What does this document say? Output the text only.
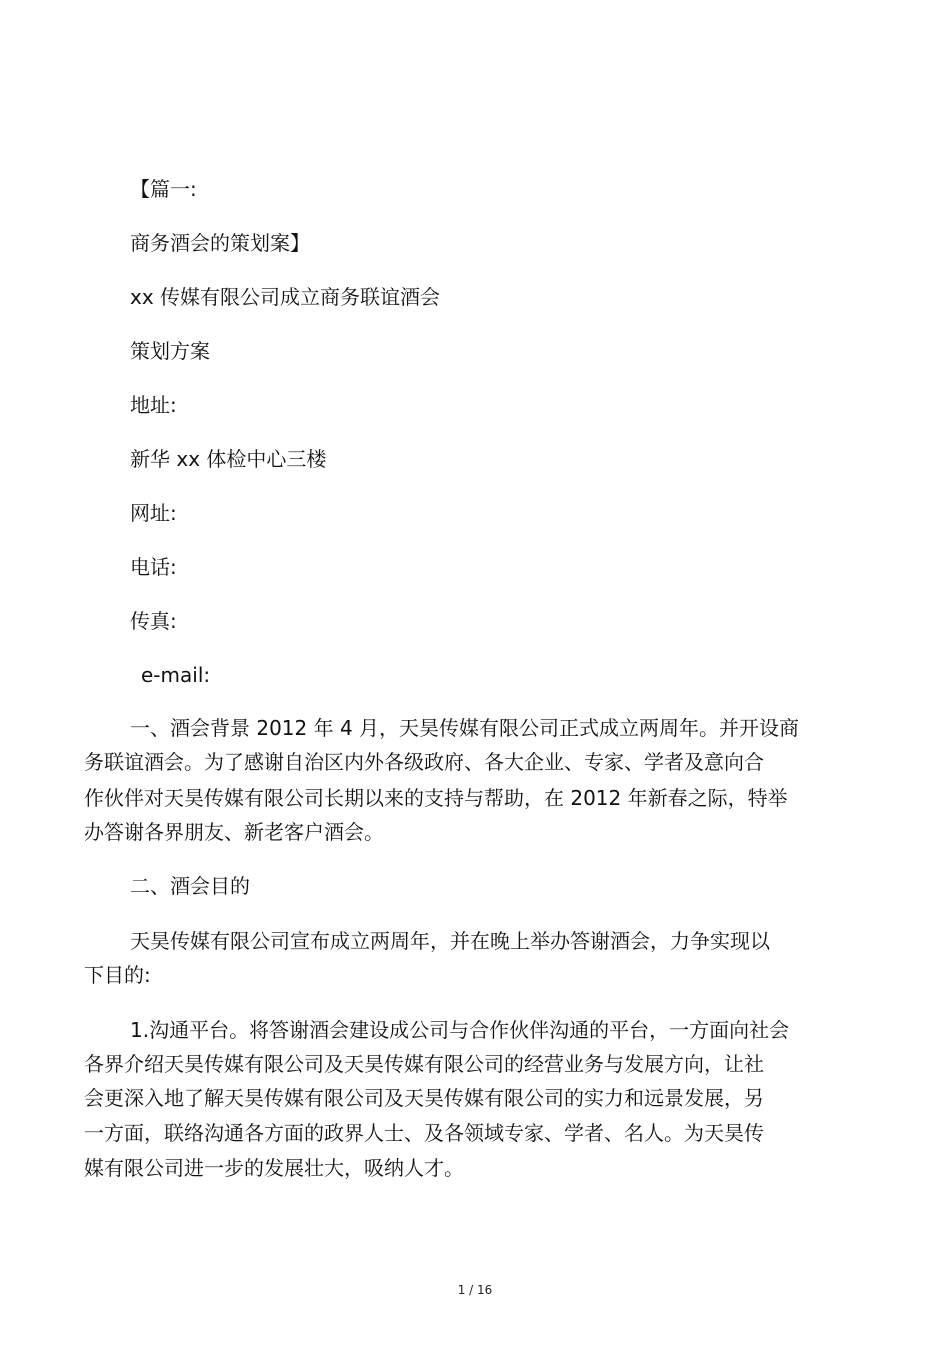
【篇一:
商务酒会的策划案】
xx 传媒有限公司成立商务联谊酒会
策划方案
地址:
新华 xx 体检中心三楼
网址:
电话:
传真:
e-mail:
一、酒会背景 2012 年 4 月，天昊传媒有限公司正式成立两周年。并开设商
务联谊酒会。为了感谢自治区内外各级政府、各大企业、专家、学者及意向合
作伙伴对天昊传媒有限公司长期以来的支持与帮助，在 2012 年新春之际，特举
办答谢各界朋友、新老客户酒会。
二、酒会目的
天昊传媒有限公司宣布成立两周年，并在晚上举办答谢酒会，力争实现以
下目的:
1.沟通平台。将答谢酒会建设成公司与合作伙伴沟通的平台，一方面向社会
各界介绍天昊传媒有限公司及天昊传媒有限公司的经营业务与发展方向，让社
会更深入地了解天昊传媒有限公司及天昊传媒有限公司的实力和远景发展，另
一方面，联络沟通各方面的政界人士、及各领域专家、学者、名人。为天昊传
媒有限公司进一步的发展壮大，吸纳人才。
1 / 16
